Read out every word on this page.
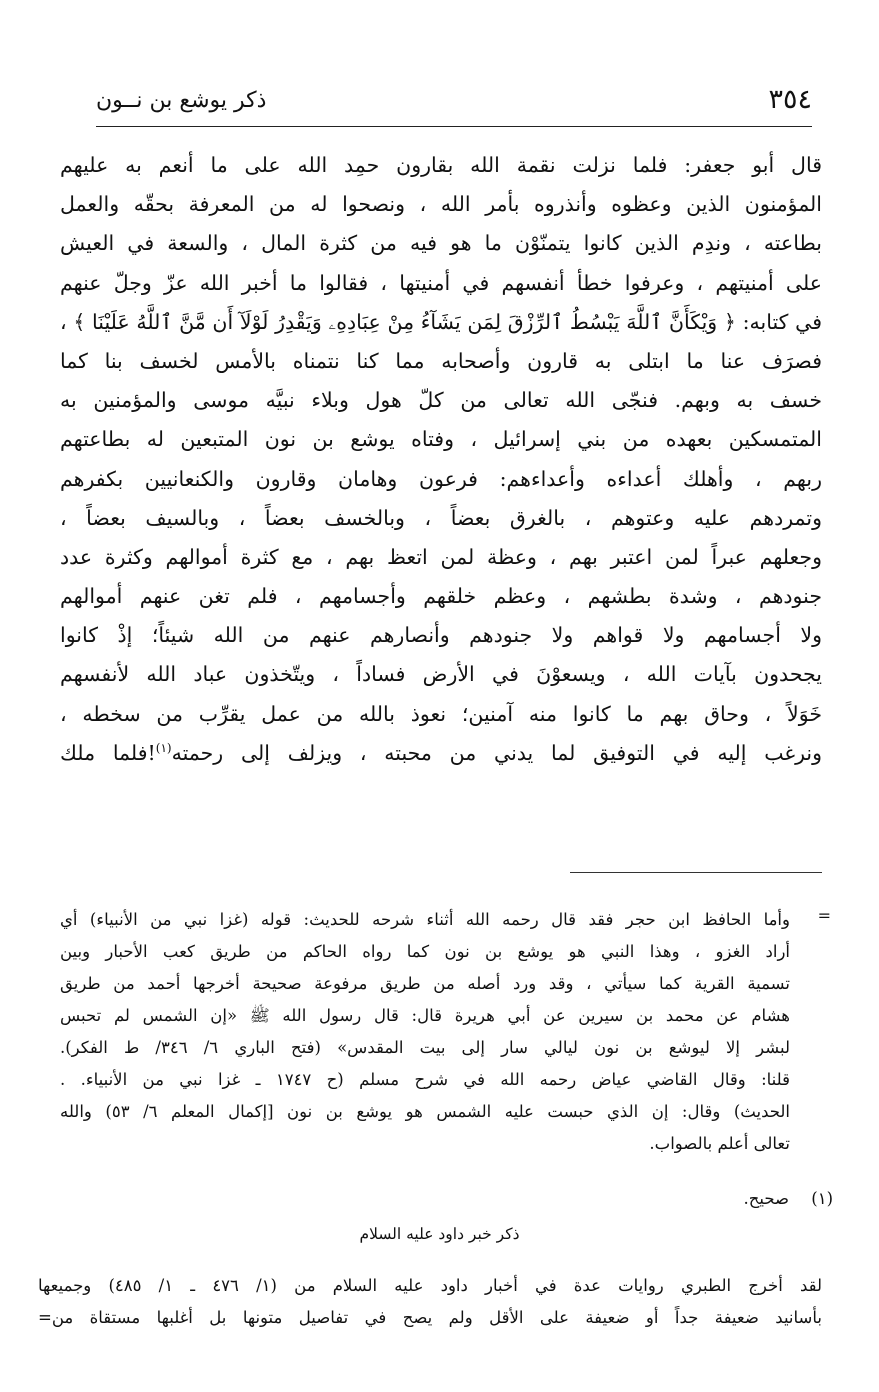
٣٥٤
ذكر يوشع بن نــون
قال أبو جعفر: فلما نزلت نقمة الله بقارون حمِد الله على ما أنعم به عليهم
المؤمنون الذين وعظوه وأنذروه بأمر الله ، ونصحوا له من المعرفة بحقّه والعمل
بطاعته ، وندِم الذين كانوا يتمنّوْن ما هو فيه من كثرة المال ، والسعة في العيش
على أمنيتهم ، وعرفوا خطأ أنفسهم في أمنيتها ، فقالوا ما أخبر الله عزّ وجلّ عنهم
في كتابه: ﴿ وَيْكَأَنَّ ٱللَّهَ يَبْسُطُ ٱلرِّزْقَ لِمَن يَشَآءُ مِنْ عِبَادِهِۦ وَيَقْدِرُ لَوْلَآ أَن مَّنَّ ٱللَّهُ عَلَيْنَا ﴾ ،
فصرَف عنا ما ابتلى به قارون وأصحابه مما كنا نتمناه بالأمس لخسف بنا كما
خسف به وبهم. فنجّى الله تعالى من كلّ هول وبلاء نبيَّه موسى والمؤمنين به
المتمسكين بعهده من بني إسرائيل ، وفتاه يوشع بن نون المتبعين له بطاعتهم
ربهم ، وأهلك أعداءه وأعداءهم: فرعون وهامان وقارون والكنعانيين بكفرهم
وتمردهم عليه وعتوهم ، بالغرق بعضاً ، وبالخسف بعضاً ، وبالسيف بعضاً ،
وجعلهم عبراً لمن اعتبر بهم ، وعظة لمن اتعظ بهم ، مع كثرة أموالهم وكثرة عدد
جنودهم ، وشدة بطشهم ، وعظم خلقهم وأجسامهم ، فلم تغن عنهم أموالهم
ولا أجسامهم ولا قواهم ولا جنودهم وأنصارهم عنهم من الله شيئاً؛ إذْ كانوا
يجحدون بآيات الله ، ويسعوْنَ في الأرض فساداً ، ويتّخذون عباد الله لأنفسهم
خَوَلاً ، وحاق بهم ما كانوا منه آمنين؛ نعوذ بالله من عمل يقرِّب من سخطه ،
ونرغب إليه في التوفيق لما يدني من محبته ، ويزلف إلى رحمته$^{(١)}$!فلما ملك
=
وأما الحافظ ابن حجر فقد قال رحمه الله أثناء شرحه للحديث: قوله (غزا نبي من الأنبياء) أي
أراد الغزو ، وهذا النبي هو يوشع بن نون كما رواه الحاكم من طريق كعب الأحبار وبين
تسمية القرية كما سيأتي ، وقد ورد أصله من طريق مرفوعة صحيحة أخرجها أحمد من طريق
هشام عن محمد بن سيرين عن أبي هريرة قال: قال رسول الله ﷺ «إن الشمس لم تحبس
لبشر إلا ليوشع بن نون ليالي سار إلى بيت المقدس» (فتح الباري ٦/ ٣٤٦/ ط الفكر).
قلنا: وقال القاضي عياض رحمه الله في شرح مسلم (ح ١٧٤٧ ـ غزا نبي من الأنبياء. .
الحديث) وقال: إن الذي حبست عليه الشمس هو يوشع بن نون [إكمال المعلم ٦/ ٥٣) والله
تعالى أعلم بالصواب.
(١)
صحيح.
ذكر خبر داود عليه السلام
لقد أخرج الطبري روايات عدة في أخبار داود عليه السلام من (١/ ٤٧٦ ـ ١/ ٤٨٥) وجميعها
بأسانيد ضعيفة جداً أو ضعيفة على الأقل ولم يصح في تفاصيل متونها بل أغلبها مستقاة من=
